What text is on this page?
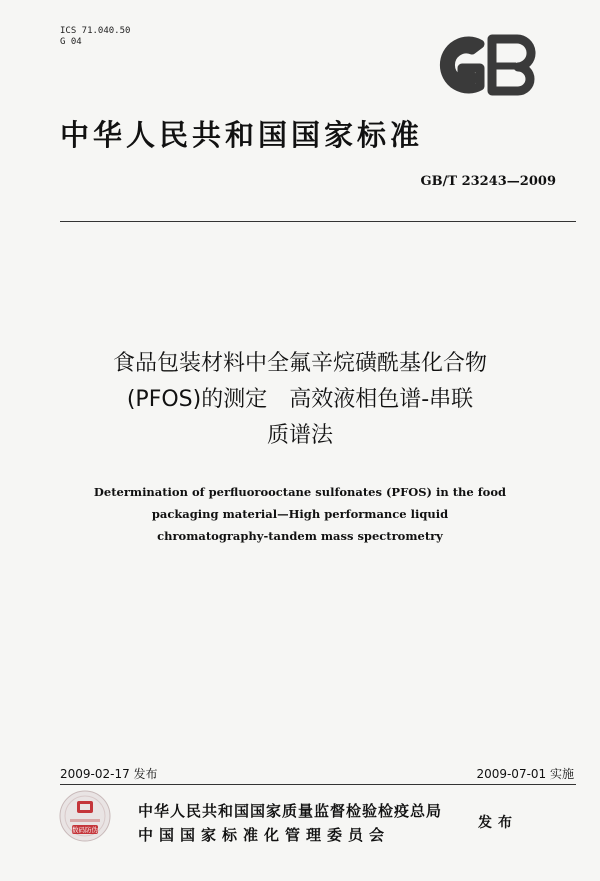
ICS 71.040.50
G 04
中华人民共和国国家标准
GB/T 23243—2009
食品包装材料中全氟辛烷磺酰基化合物
(PFOS)的测定　高效液相色谱-串联
质谱法
Determination of perfluorooctane sulfonates (PFOS) in the food
packaging material—High performance liquid
chromatography-tandem mass spectrometry
2009-02-17 发布	2009-07-01 实施
数码防伪
中华人民共和国国家质量监督检验检疫总局
中国国家标准化管理委员会
发布
